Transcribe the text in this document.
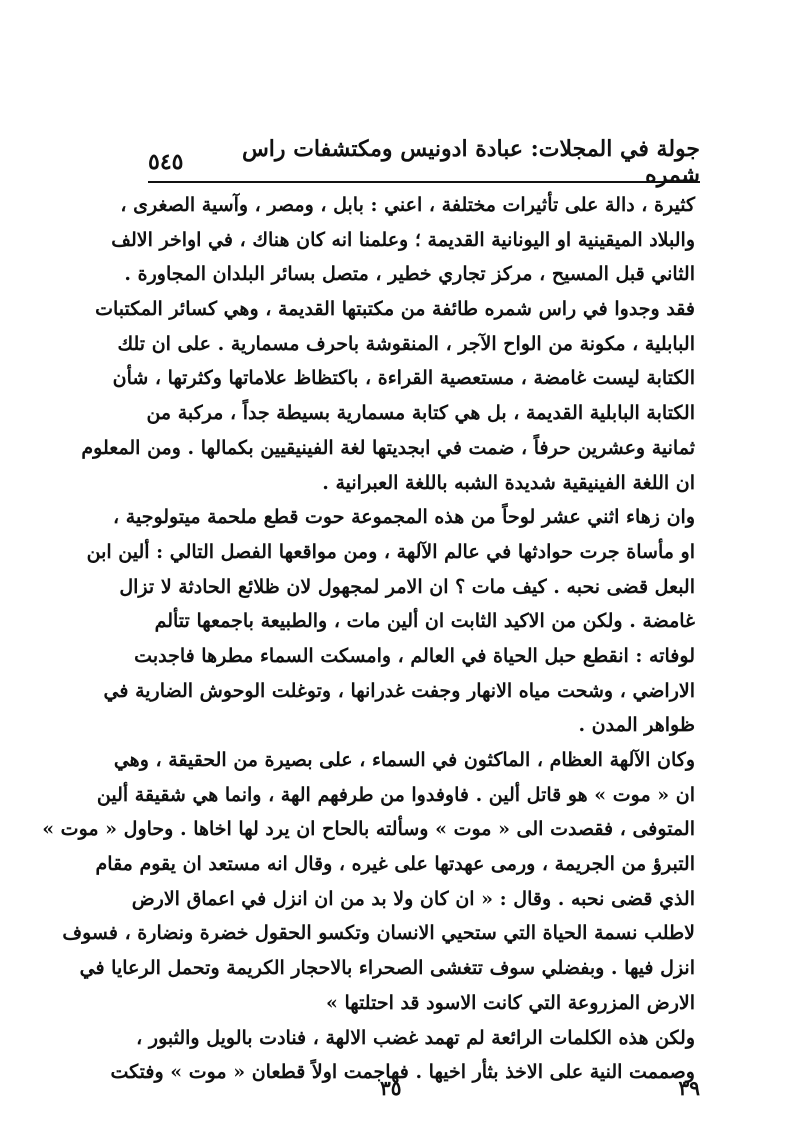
جولة في المجلات: عبادة ادونيس ومكتشفات راس شمره
٥٤٥
كثيرة ، دالة على تأثيرات مختلفة ، اعني : بابل ، ومصر ، وآسية الصغرى ،
والبلاد الميقينية او اليونانية القديمة ؛ وعلمنا انه كان هناك ، في اواخر الالف
الثاني قبل المسيح ، مركز تجاري خطير ، متصل بسائر البلدان المجاورة .
فقد وجدوا في راس شمره طائفة من مكتبتها القديمة ، وهي كسائر المكتبات
البابلية ، مكونة من الواح الآجر ، المنقوشة باحرف مسمارية . على ان تلك
الكتابة ليست غامضة ، مستعصية القراءة ، باكتظاظ علاماتها وكثرتها ، شأن
الكتابة البابلية القديمة ، بل هي كتابة مسمارية بسيطة جداً ، مركبة من
ثمانية وعشرين حرفاً ، ضمت في ابجديتها لغة الفينيقيين بكمالها . ومن المعلوم
ان اللغة الفينيقية شديدة الشبه باللغة العبرانية .
وان زهاء اثني عشر لوحاً من هذه المجموعة حوت قطع ملحمة ميتولوجية ،
او مأساة جرت حوادثها في عالم الآلهة ، ومن مواقعها الفصل التالي : ألين ابن
البعل قضى نحبه . كيف مات ؟ ان الامر لمجهول لان ظلائع الحادثة لا تزال
غامضة . ولكن من الاكيد الثابت ان ألين مات ، والطبيعة باجمعها تتألم
لوفاته : انقطع حبل الحياة في العالم ، وامسكت السماء مطرها فاجدبت
الاراضي ، وشحت مياه الانهار وجفت غدرانها ، وتوغلت الوحوش الضارية في
ظواهر المدن .
وكان الآلهة العظام ، الماكثون في السماء ، على بصيرة من الحقيقة ، وهي
ان « موت » هو قاتل ألين . فاوفدوا من طرفهم الهة ، وانما هي شقيقة ألين
المتوفى ، فقصدت الى « موت » وسألته بالحاح ان يرد لها اخاها . وحاول « موت »
التبرؤ من الجريمة ، ورمى عهدتها على غيره ، وقال انه مستعد ان يقوم مقام
الذي قضى نحبه . وقال : « ان كان ولا بد من ان انزل في اعماق الارض
لاطلب نسمة الحياة التي ستحيي الانسان وتكسو الحقول خضرة ونضارة ، فسوف
انزل فيها . وبفضلي سوف تتغشى الصحراء بالاحجار الكريمة وتحمل الرعايا في
الارض المزروعة التي كانت الاسود قد احتلتها »
ولكن هذه الكلمات الرائعة لم تهمد غضب الالهة ، فنادت بالويل والثبور ،
وصممت النية على الاخذ بثأر اخيها . فهاجمت اولاً قطعان « موت » وفتكت
٣٩
٣٥
